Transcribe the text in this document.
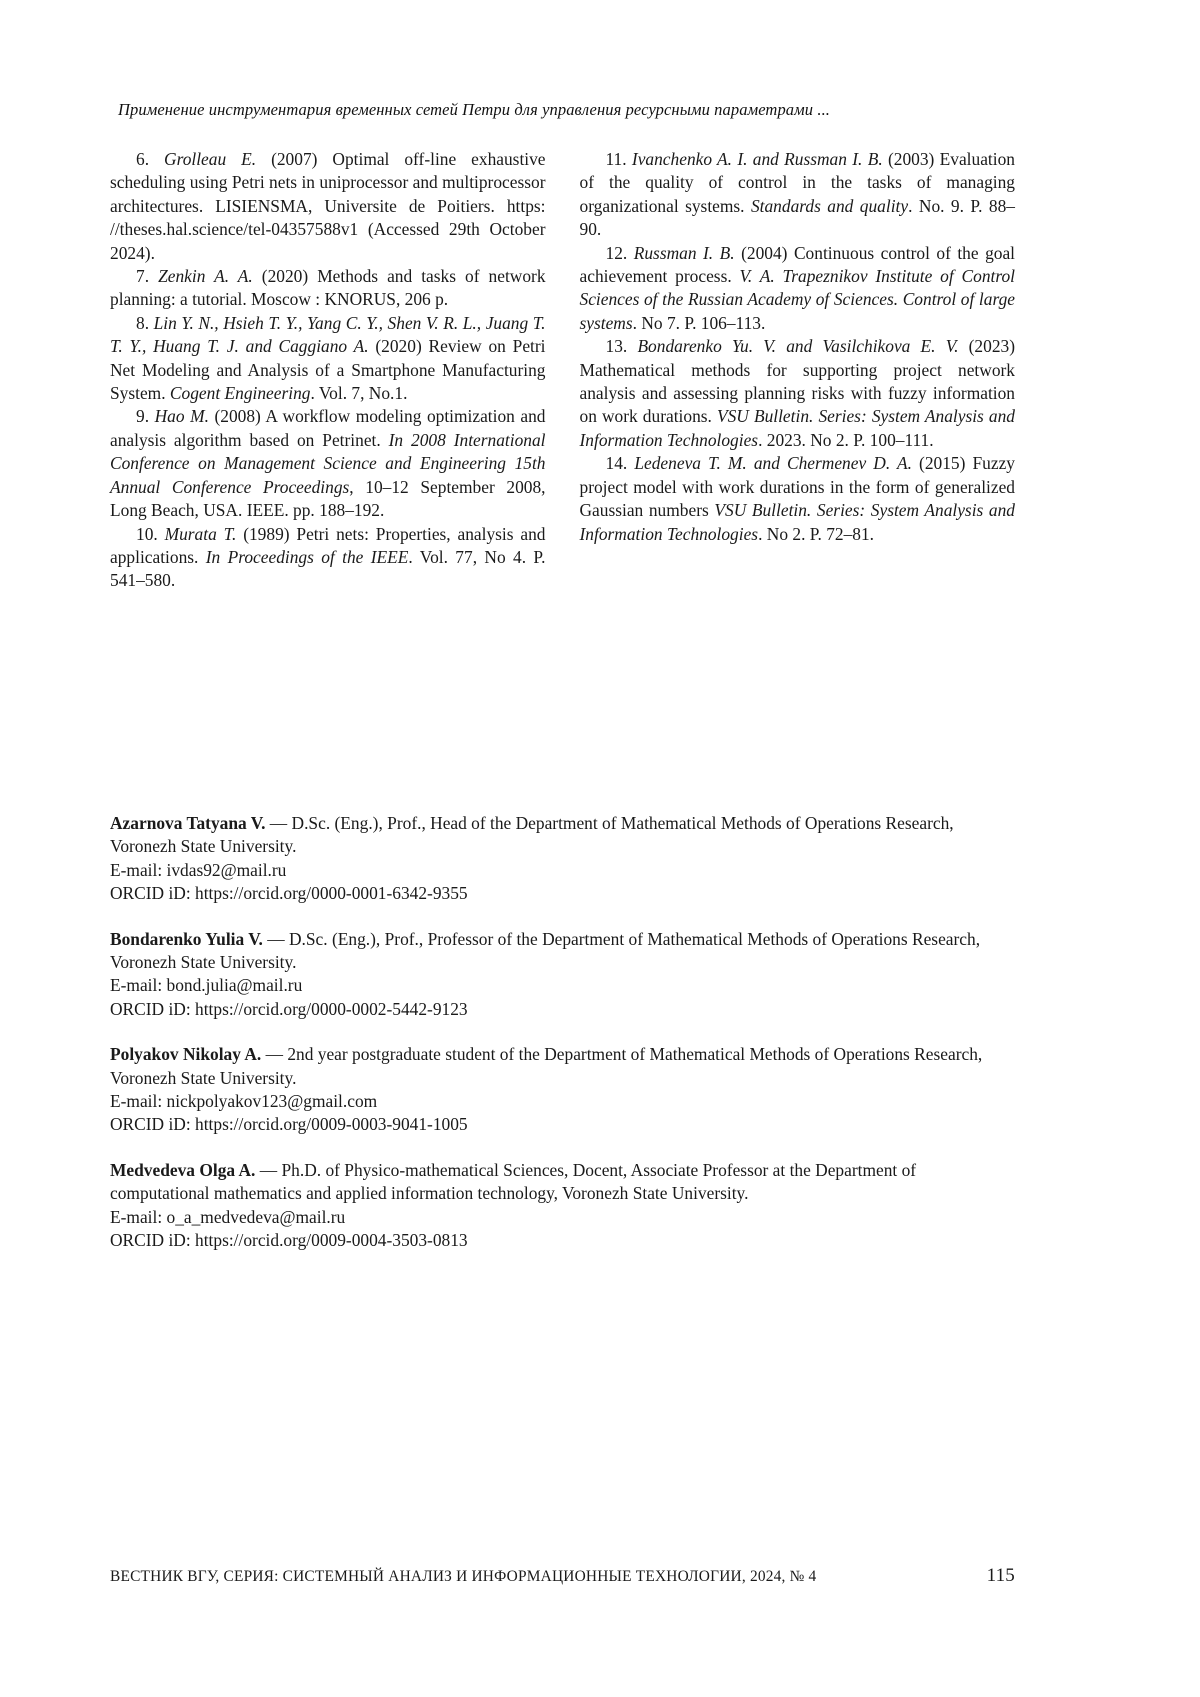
Применение инструментария временных сетей Петри для управления ресурсными параметрами ...

6. Grolleau E. (2007) Optimal off-line exhaustive scheduling using Petri nets in uniprocessor and multiprocessor architectures. LISIENSMA, Universite de Poitiers. https: //theses.hal.science/tel-04357588v1 (Accessed 29th October 2024).

7. Zenkin A. A. (2020) Methods and tasks of network planning: a tutorial. Moscow : KNORUS, 206 p.

8. Lin Y. N., Hsieh T. Y., Yang C. Y., Shen V. R. L., Juang T. T. Y., Huang T. J. and Caggiano A. (2020) Review on Petri Net Modeling and Analysis of a Smartphone Manufacturing System. Cogent Engineering. Vol. 7, No.1.

9. Hao M. (2008) A workflow modeling optimization and analysis algorithm based on Petrinet. In 2008 International Conference on Management Science and Engineering 15th Annual Conference Proceedings, 10–12 September 2008, Long Beach, USA. IEEE. pp. 188–192.

10. Murata T. (1989) Petri nets: Properties, analysis and applications. In Proceedings of the IEEE. Vol. 77, No 4. P. 541–580.

11. Ivanchenko A. I. and Russman I. B. (2003) Evaluation of the quality of control in the tasks of managing organizational systems. Standards and quality. No. 9. P. 88–90.

12. Russman I. B. (2004) Continuous control of the goal achievement process. V. A. Trapeznikov Institute of Control Sciences of the Russian Academy of Sciences. Control of large systems. No 7. P. 106–113.

13. Bondarenko Yu. V. and Vasilchikova E. V. (2023) Mathematical methods for supporting project network analysis and assessing planning risks with fuzzy information on work durations. VSU Bulletin. Series: System Analysis and Information Technologies. 2023. No 2. P. 100–111.

14. Ledeneva T. M. and Chermenev D. A. (2015) Fuzzy project model with work durations in the form of generalized Gaussian numbers VSU Bulletin. Series: System Analysis and Information Technologies. No 2. P. 72–81.

Azarnova Tatyana V. — D.Sc. (Eng.), Prof., Head of the Department of Mathematical Methods of Operations Research, Voronezh State University.
E-mail: ivdas92@mail.ru
ORCID iD: https://orcid.org/0000-0001-6342-9355
Bondarenko Yulia V. — D.Sc. (Eng.), Prof., Professor of the Department of Mathematical Methods of Operations Research, Voronezh State University.
E-mail: bond.julia@mail.ru
ORCID iD: https://orcid.org/0000-0002-5442-9123
Polyakov Nikolay A. — 2nd year postgraduate student of the Department of Mathematical Methods of Operations Research, Voronezh State University.
E-mail: nickpolyakov123@gmail.com
ORCID iD: https://orcid.org/0009-0003-9041-1005
Medvedeva Olga A. — Ph.D. of Physico-mathematical Sciences, Docent, Associate Professor at the Department of computational mathematics and applied information technology, Voronezh State University.
E-mail: o_a_medvedeva@mail.ru
ORCID iD: https://orcid.org/0009-0004-3503-0813
ВЕСТНИК ВГУ, СЕРИЯ: СИСТЕМНЫЙ АНАЛИЗ И ИНФОРМАЦИОННЫЕ ТЕХНОЛОГИИ, 2024, № 4	115
